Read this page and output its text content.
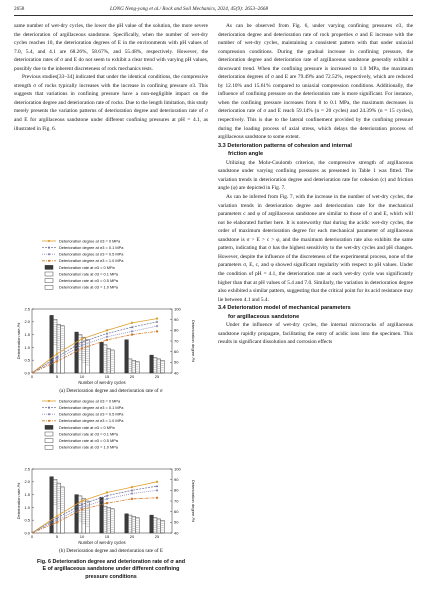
2658	LONG Neng-yang et al./ Rock and Soil Mechanics, 2024, 45(9): 2653–2668

same number of wet-dry cycles, the lower the pH value of the solution, the more severe the deterioration of argillaceous sandstone. Specifically, when the number of wet-dry cycles reaches 10, the deterioration degrees of E in the environments with pH values of 7.0, 5.4, and 4.1 are 68.26%, 58.67%, and 55.48%, respectively. However, the deterioration rates of σ and E do not seem to exhibit a clear trend with varying pH values, possibly due to the inherent discreteness of rock mechanics tests.

Previous studies[33–34] indicated that under the identical conditions, the compressive strength σ of rocks typically increases with the increase in confining pressure σ3. This suggests that variations in confining pressure have a non-negligible impact on the deterioration degree and deterioration rate of rocks. Due to the length limitation, this study merely presents the variation patterns of deterioration degree and deterioration rate of σ and E for argillaceous sandstone under different confining pressures at pH = 4.1, as illustrated in Fig. 6.

Deterioration degree at σ3 = 0 MPa
Deterioration degree at σ3 = 0.1 MPa
Deterioration degree at σ3 = 0.5 MPa
Deterioration degree at σ3 = 1.0 MPa
Deterioration rate at σ3 = 0 MPa
Deterioration rate at σ3 = 0.1 MPa
Deterioration rate at σ3 = 0.5 MPa
Deterioration rate at σ3 = 1.0 MPa
0.0
0.5
1.0
1.5
2.0
2.5
40
50
60
70
80
90
100
0	5	10	15	20	25
Deterioration rate /%	Deterioration degree /%
Number of wet-dry cycles
(a) Deterioration degree and deterioration rate of σ
Deterioration degree at σ3 = 0 MPa
Deterioration degree at σ3 = 0.1 MPa
Deterioration degree at σ3 = 0.5 MPa
Deterioration degree at σ3 = 1.0 MPa
Deterioration rate at σ3 = 0 MPa
Deterioration rate at σ3 = 0.1 MPa
Deterioration rate at σ3 = 0.5 MPa
Deterioration rate at σ3 = 1.0 MPa
0.0
0.5
1.0
1.5
2.0
2.5
40
50
60
70
80
90
100
0	5	10	15	20	25
Deterioration rate /%	Deterioration degree /%
Number of wet-dry cycles
(b) Deterioration degree and deterioration rate of E
Fig. 6 Deterioration degree and deterioration rate of σ and
E of argillaceous sandstone under different confining
pressure conditions

As can be observed from Fig. 6, under varying confining pressures σ3, the deterioration degree and deterioration rate of rock properties σ and E increase with the number of wet-dry cycles, maintaining a consistent pattern with that under uniaxial compression conditions. During the gradual increase in confining pressure, the deterioration degree and deterioration rate of argillaceous sandstone generally exhibit a downward trend. When the confining pressure is increased to 1.0 MPa, the maximum deterioration degrees of σ and E are 79.49% and 72.52%, respectively, which are reduced by 12.10% and 15.61% compared to uniaxial compression conditions. Additionally, the influence of confining pressure on the deterioration rate is more significant. For instance, when the confining pressure increases from 0 to 0.1 MPa, the maximum decreases in deterioration rate of σ and E reach 59.14% (n = 20 cycles) and 24.39% (n = 15 cycles), respectively. This is due to the lateral confinement provided by the confining pressure during the loading process of axial stress, which delays the deterioration process of argillaceous sandstone to some extent.

3.3 Deterioration patterns of cohesion and internal
friction angle

Utilizing the Mohr-Coulomb criterion, the compressive strength of argillaceous sandstone under varying confining pressures as presented in Table 1 was fitted. The variation trends in deterioration degree and deterioration rate for cohesion (c) and friction angle (φ) are depicted in Fig. 7.

As can be inferred from Fig. 7, with the increase in the number of wet-dry cycles, the variation trends in deterioration degree and deterioration rate for the mechanical parameters c and φ of argillaceous sandstone are similar to those of σ and E, which will not be elaborated further here. It is noteworthy that during the acidic wet-dry cycles, the order of maximum deterioration degree for each mechanical parameter of argillaceous sandstone is σ > E > c > φ, and the maximum deterioration rate also exhibits the same pattern, indicating that σ has the highest sensitivity to the wet-dry cycles and pH changes. However, despite the influence of the discreteness of the experimental process, none of the parameters σ, E, c, and φ showed significant regularity with respect to pH values. Under the condition of pH = 4.1, the deterioration rate at each wet-dry cycle was significantly higher than that at pH values of 5.4 and 7.0. Similarly, the variation in deterioration degree also exhibited a similar pattern, suggesting that the critical point for its acid resistance may lie between 4.1 and 5.4.

3.4 Deterioration model of mechanical parameters
for argillaceous sandstone

Under the influence of wet-dry cycles, the internal microcracks of argillaceous sandstone rapidly propagate, facilitating the entry of acidic ions into the specimen. This results in significant dissolution and corrosion effects
